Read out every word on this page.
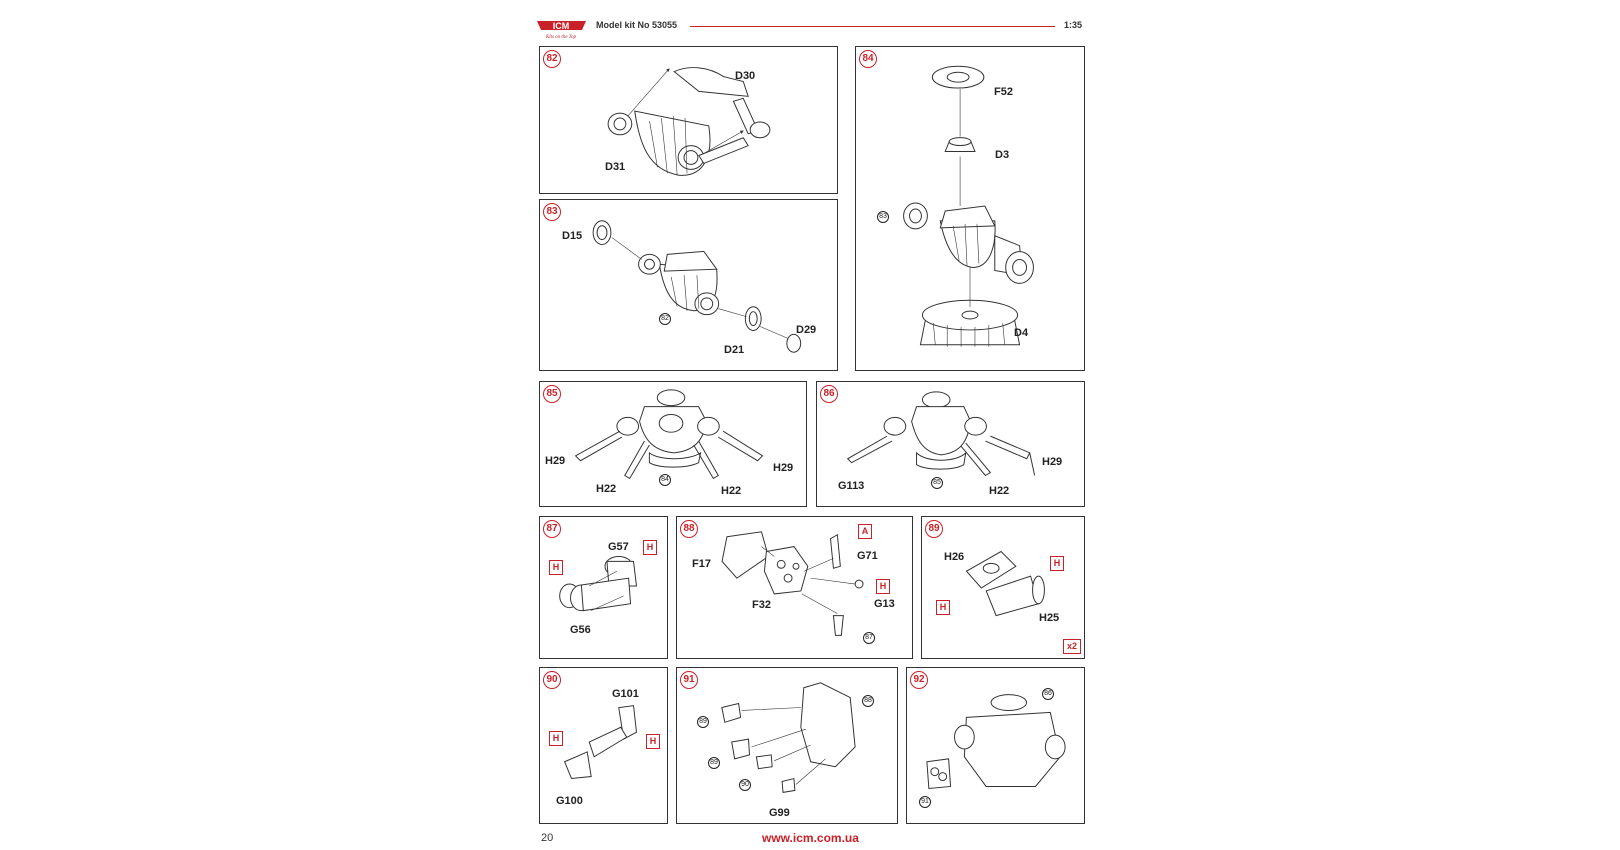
ICM
Kits on the Top
Model kit No 53055	1:35
82
D30
D31
83
D15
D29
D21
82
84
F52
D3
D4
83
85
H29
H29
H22	H22
84
86
H29
G113	H22
85
87
G57
G56
H
H
88
F17
G71
G13
F32
A
H
87
89
H26
H25
H
H
x2
90
G101
G100
H	H
91
G99
88
89
89
90
92
86
91
20	www.icm.com.ua
